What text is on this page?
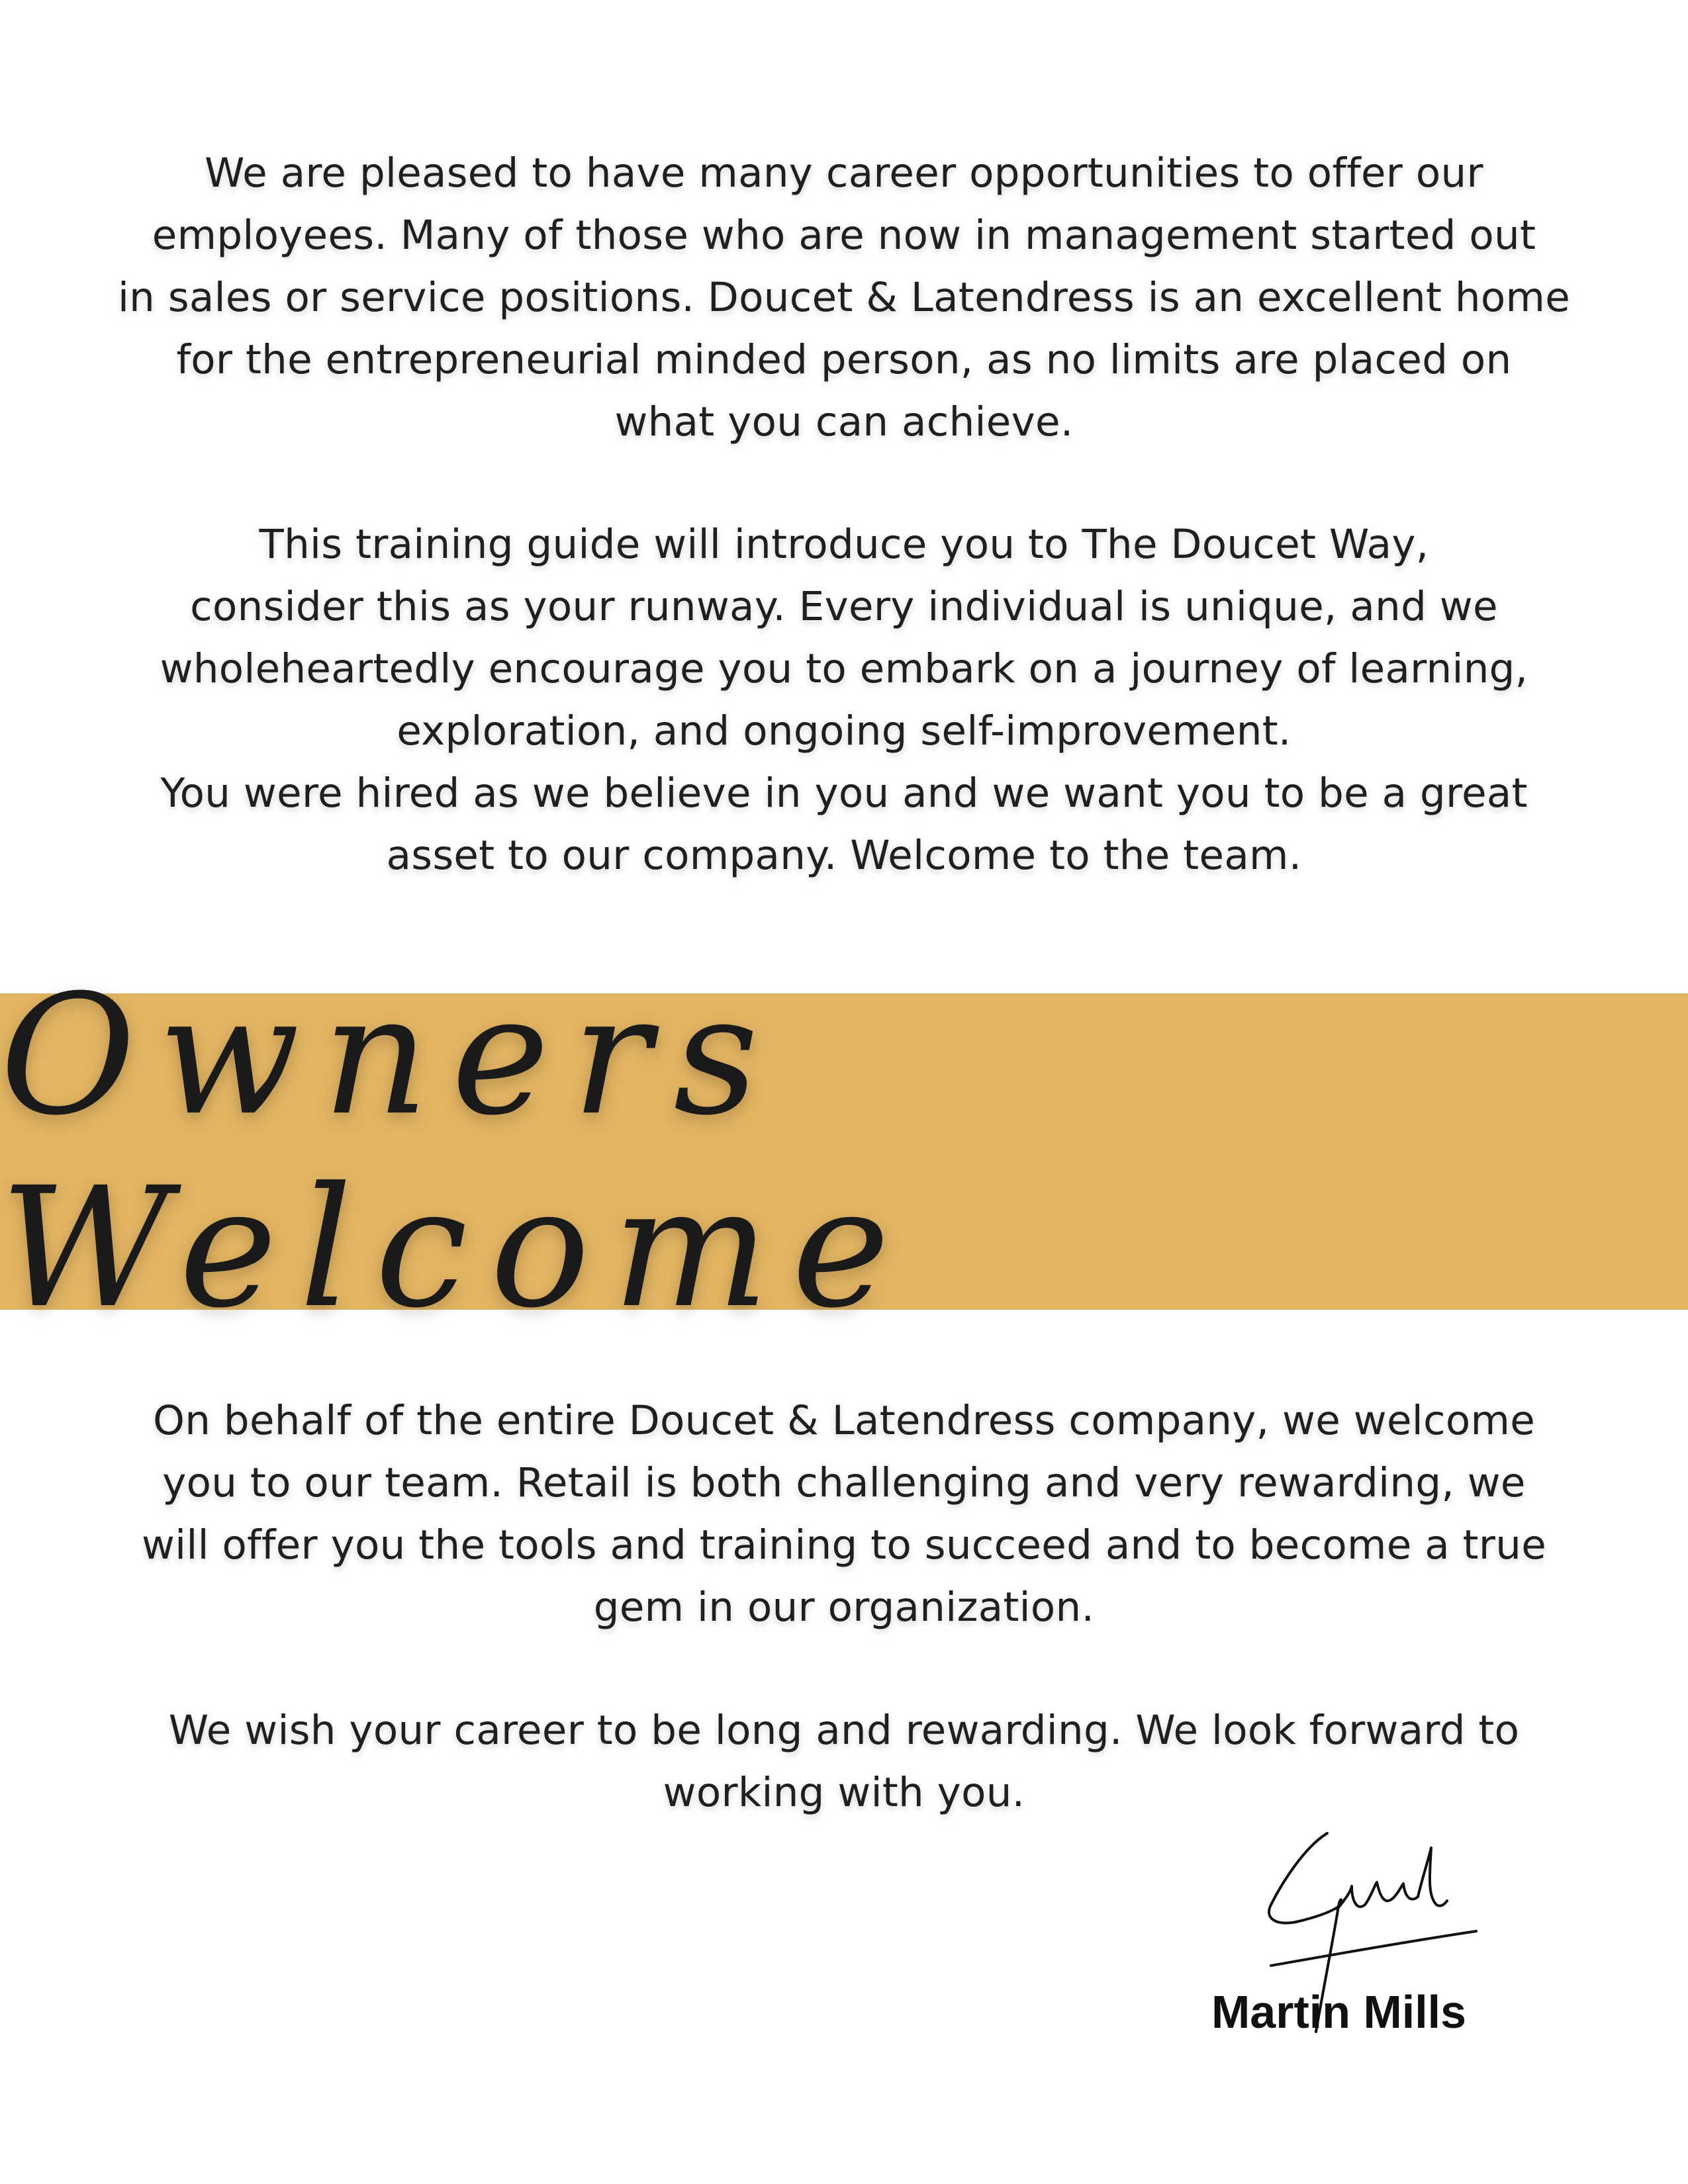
We are pleased to have many career opportunities to offer our
employees. Many of those who are now in management started out
in sales or service positions. Doucet & Latendress is an excellent home
for the entrepreneurial minded person, as no limits are placed on
what you can achieve.

This training guide will introduce you to The Doucet Way,
consider this as your runway. Every individual is unique, and we
wholeheartedly encourage you to embark on a journey of learning,
exploration, and ongoing self-improvement.
You were hired as we believe in you and we want you to be a great
asset to our company. Welcome to the team.

Owners Welcome

On behalf of the entire Doucet & Latendress company, we welcome
you to our team. Retail is both challenging and very rewarding, we
will offer you the tools and training to succeed and to become a true
gem in our organization.

We wish your career to be long and rewarding. We look forward to
working with you.

Martin Mills
